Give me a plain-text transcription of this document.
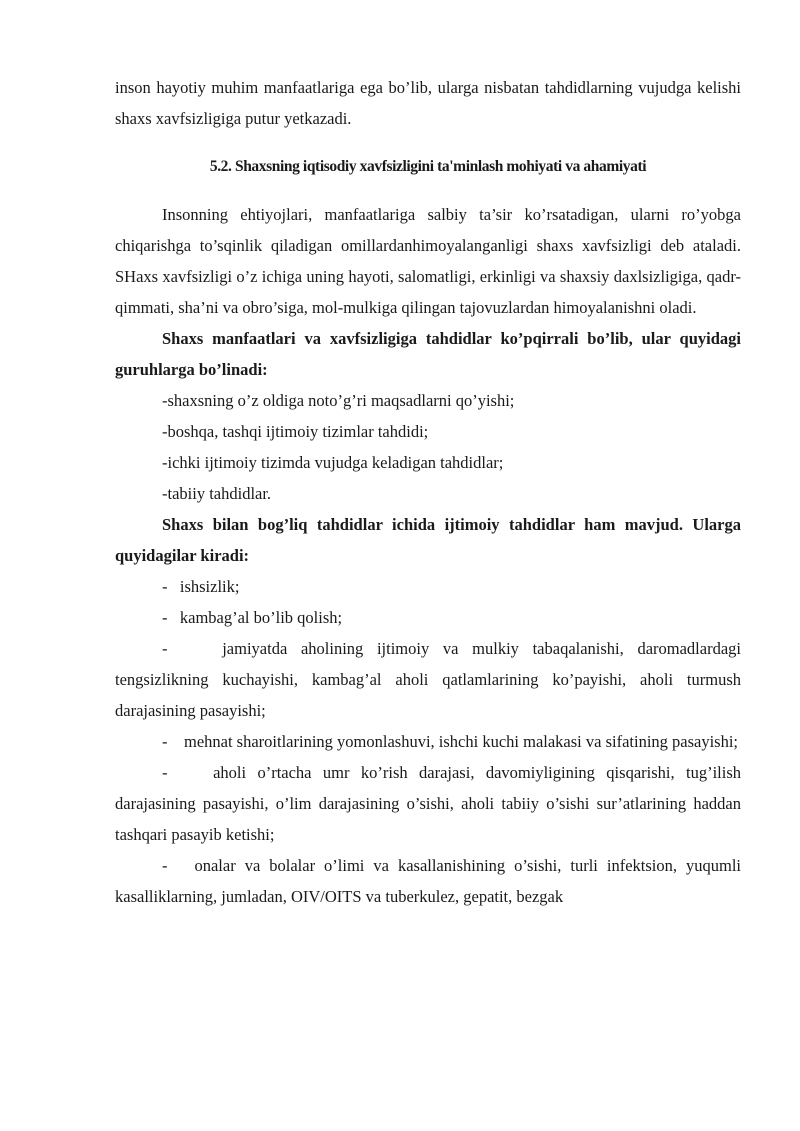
inson hayotiy muhim manfaatlariga ega bo’lib, ularga nisbatan tahdidlarning vujudga kelishi shaxs xavfsizligiga putur yetkazadi.

5.2. Shaxsning iqtisodiy xavfsizligini ta'minlash mohiyati va ahamiyati

Insonning ehtiyojlari, manfaatlariga salbiy ta’sir ko’rsatadigan, ularni ro’yobga chiqarishga to’sqinlik qiladigan omillardanhimoyalanganligi shaxs xavfsizligi deb ataladi. SHaxs xavfsizligi o’z ichiga uning hayoti, salomatligi, erkinligi va shaxsiy daxlsizligiga, qadr-qimmati, sha’ni va obro’siga, mol-mulkiga qilingan tajovuzlardan himoyalanishni oladi.

Shaxs manfaatlari va xavfsizligiga tahdidlar ko’pqirrali bo’lib, ular quyidagi guruhlarga bo’linadi:

-shaxsning o’z oldiga noto’g’ri maqsadlarni qo’yishi;

-boshqa, tashqi ijtimoiy tizimlar tahdidi;

-ichki ijtimoiy tizimda vujudga keladigan tahdidlar;

-tabiiy tahdidlar.

Shaxs bilan bog’liq tahdidlar ichida ijtimoiy tahdidlar ham mavjud. Ularga quyidagilar kiradi:

-   ishsizlik;

-   kambag’al bo’lib qolish;

-    jamiyatda aholining ijtimoiy va mulkiy tabaqalanishi, daromadlardagi tengsizlikning kuchayishi, kambag’al aholi qatlamlarining ko’payishi, aholi turmush darajasining pasayishi;

-    mehnat sharoitlarining yomonlashuvi, ishchi kuchi malakasi va sifatining pasayishi;

-    aholi o’rtacha umr ko’rish darajasi, davomiyligining qisqarishi, tug’ilish darajasining pasayishi, o’lim darajasining o’sishi, aholi tabiiy o’sishi sur’atlarining haddan tashqari pasayib ketishi;

-   onalar va bolalar o’limi va kasallanishining o’sishi, turli infektsion, yuqumli kasalliklarning, jumladan, OIV/OITS va tuberkulez, gepatit, bezgak
